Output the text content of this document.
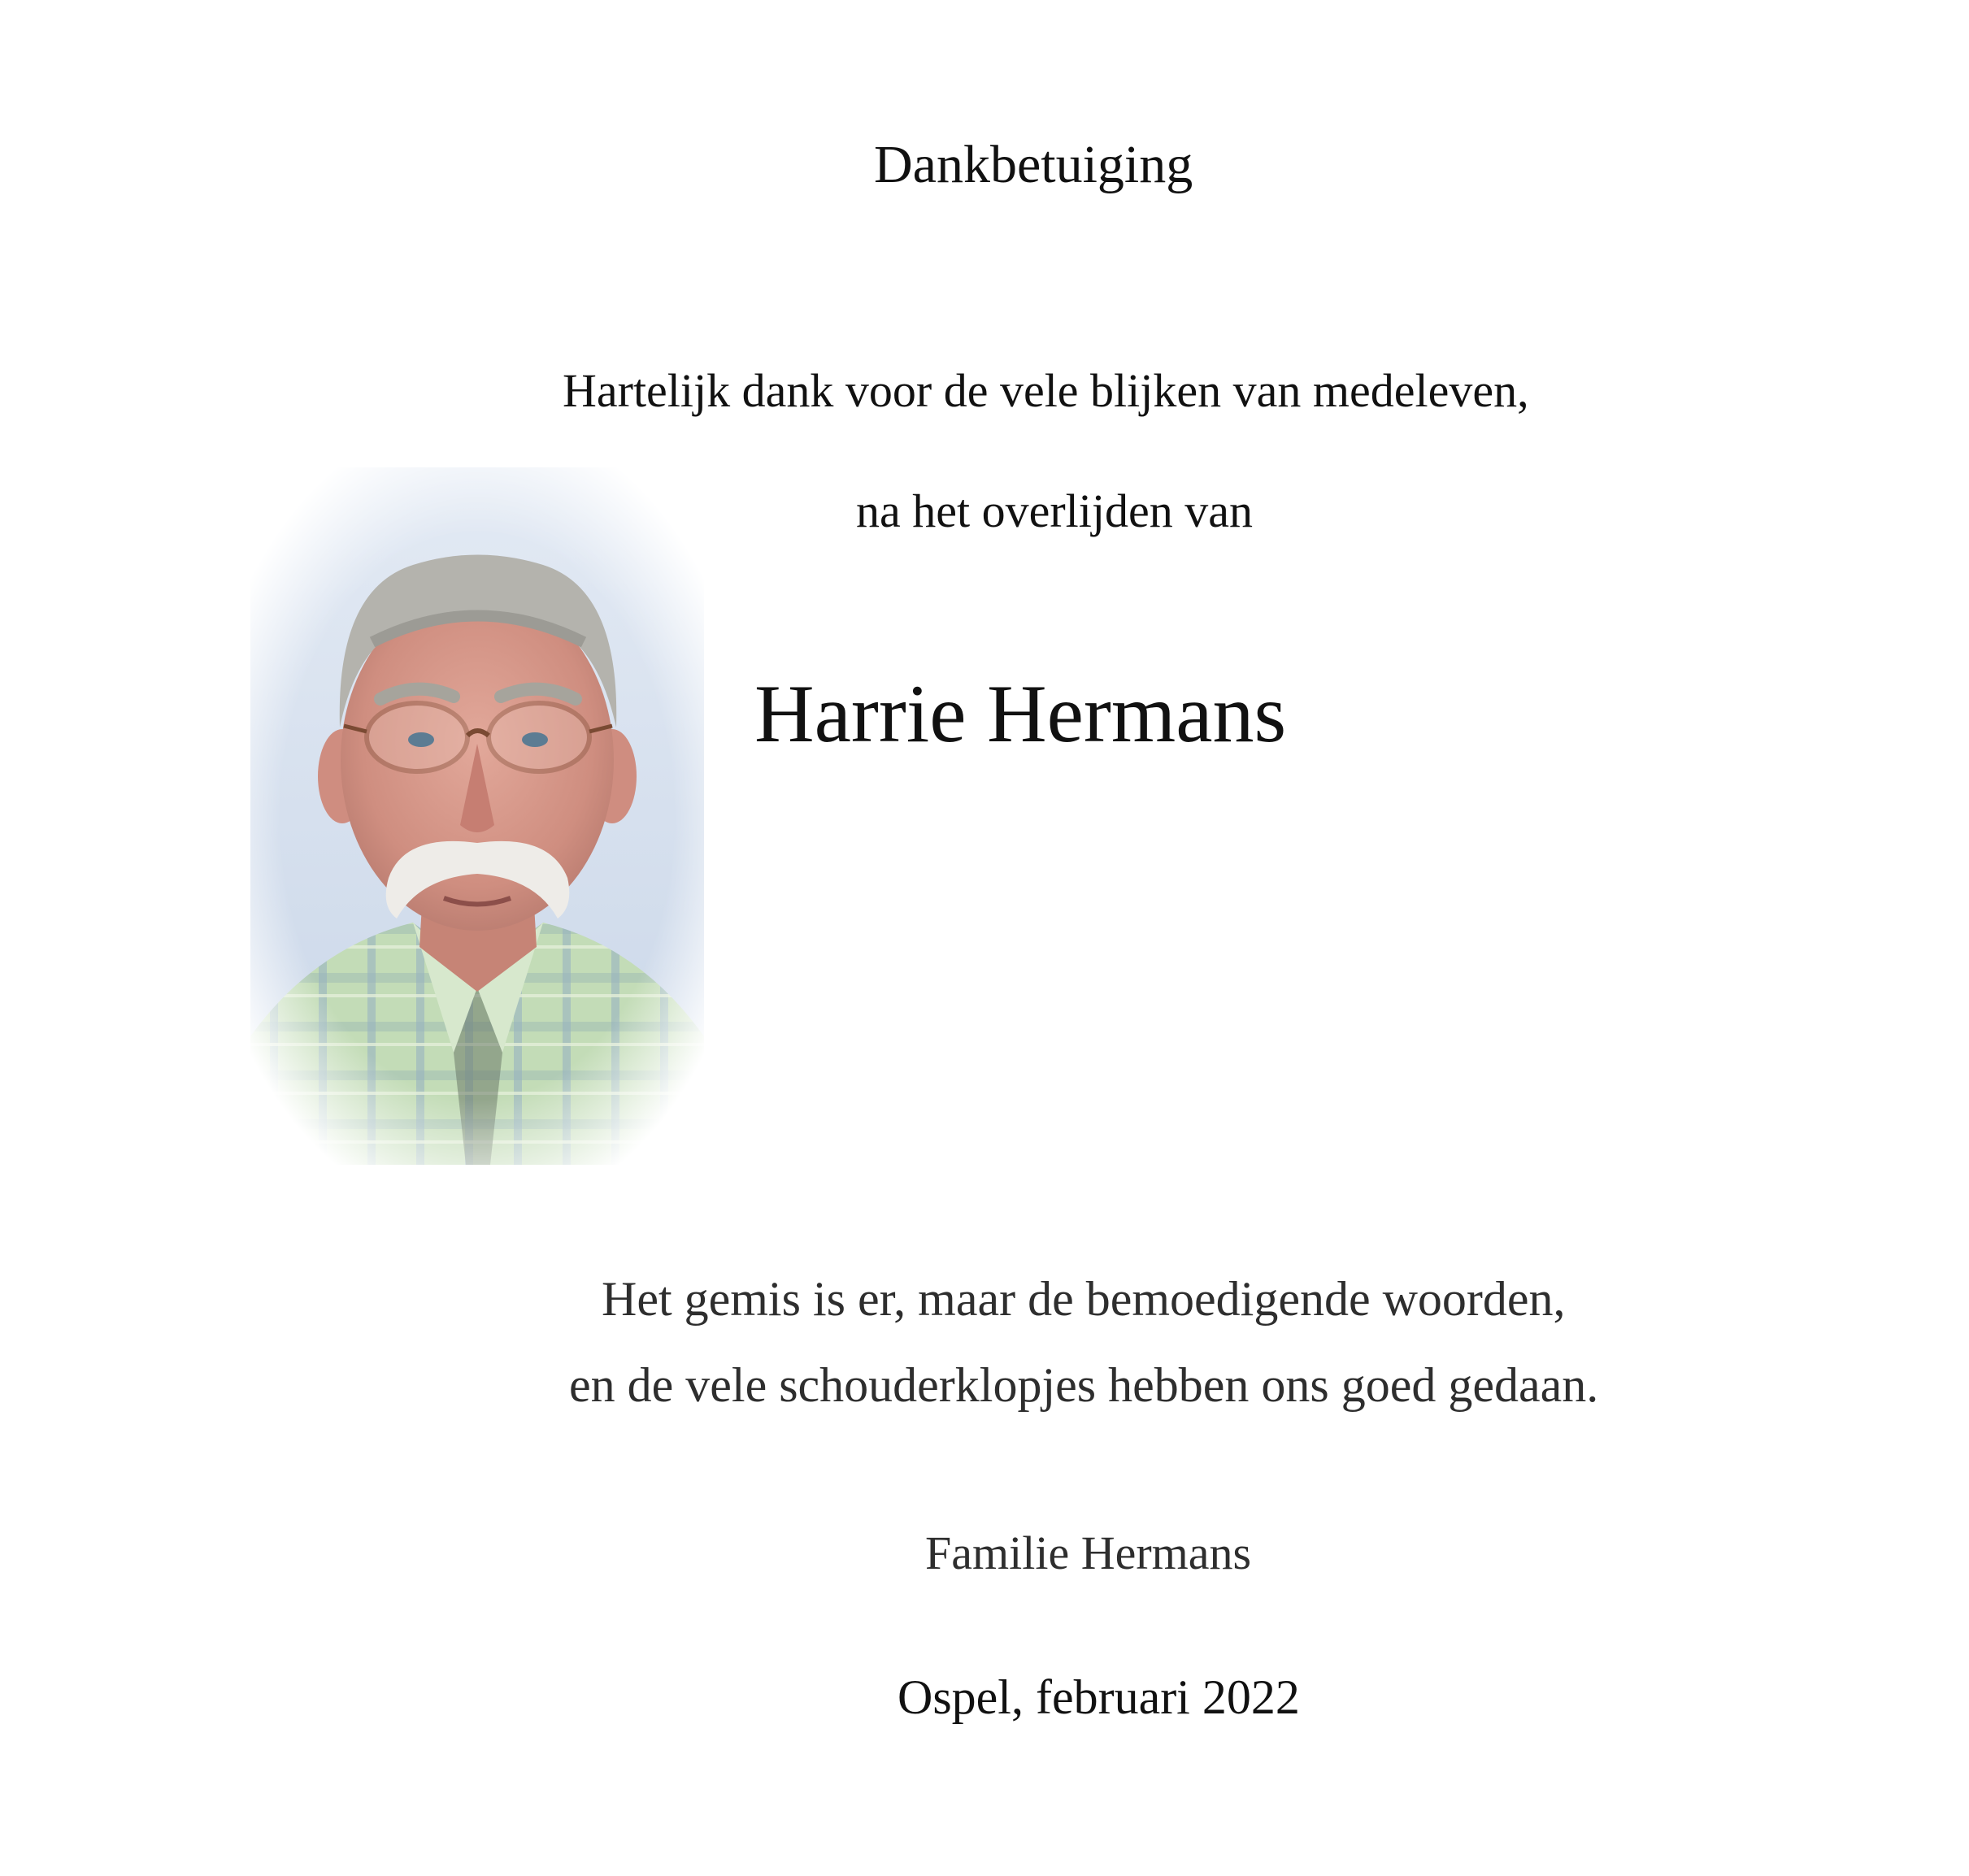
Dankbetuiging
Hartelijk dank voor de vele blijken van medeleven,
na het overlijden van
Harrie Hermans
Het gemis is er, maar de bemoedigende woorden,
en de vele schouderklopjes hebben ons goed gedaan.
Familie Hermans
Ospel, februari 2022
